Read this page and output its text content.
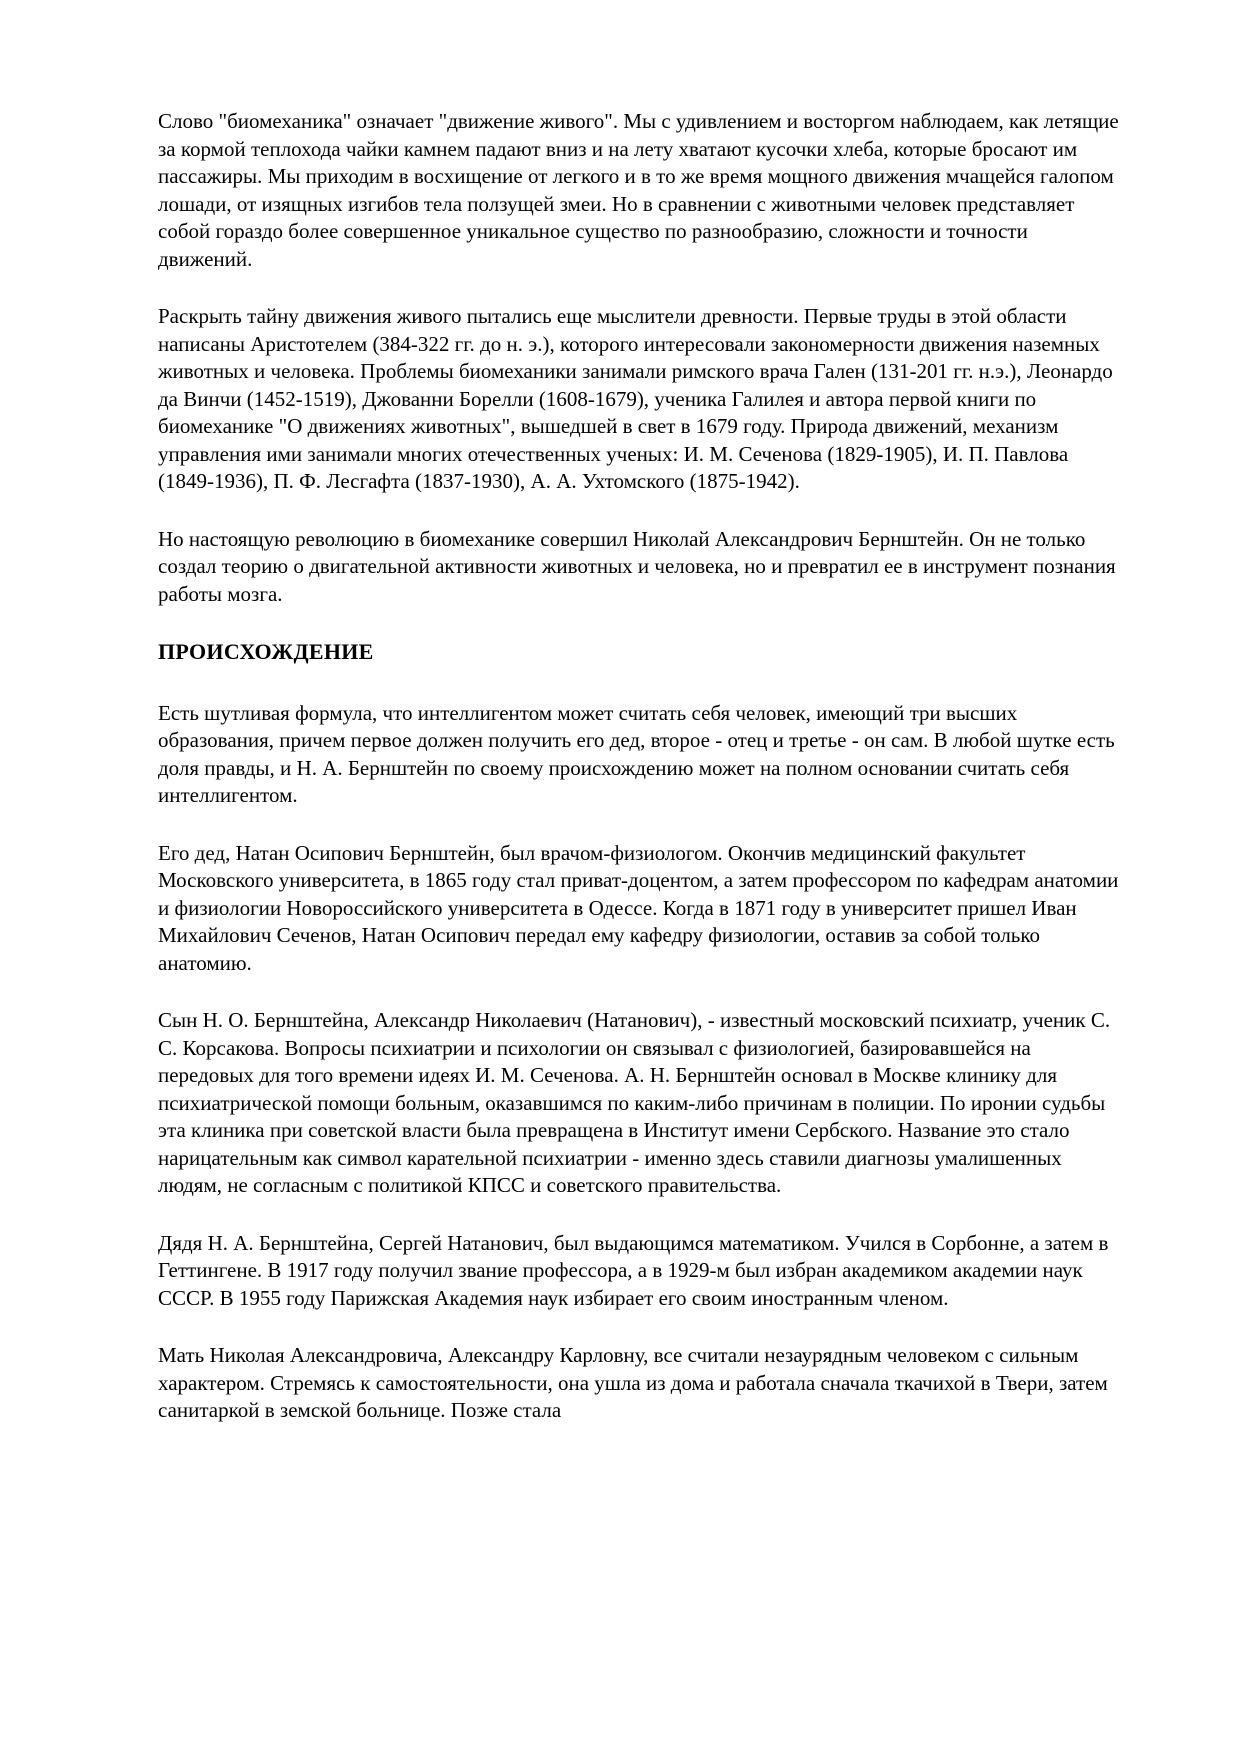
Слово "биомеханика" означает "движение живого". Мы с удивлением и восторгом наблюдаем, как летящие за кормой теплохода чайки камнем падают вниз и на лету хватают кусочки хлеба, которые бросают им пассажиры. Мы приходим в восхищение от легкого и в то же время мощного движения мчащейся галопом лошади, от изящных изгибов тела ползущей змеи. Но в сравнении с животными человек представляет собой гораздо более совершенное уникальное существо по разнообразию, сложности и точности движений.

Раскрыть тайну движения живого пытались еще мыслители древности. Первые труды в этой области написаны Аристотелем (384-322 гг. до н. э.), которого интересовали закономерности движения наземных животных и человека. Проблемы биомеханики занимали римского врача Гален (131-201 гг. н.э.), Леонардо да Винчи (1452-1519), Джованни Борелли (1608-1679), ученика Галилея и автора первой книги по биомеханике "О движениях животных", вышедшей в свет в 1679 году. Природа движений, механизм управления ими занимали многих отечественных ученых: И. М. Сеченова (1829-1905), И. П. Павлова (1849-1936), П. Ф. Лесгафта (1837-1930), А. А. Ухтомского (1875-1942).

Но настоящую революцию в биомеханике совершил Николай Александрович Бернштейн. Он не только создал теорию о двигательной активности животных и человека, но и превратил ее в инструмент познания работы мозга.

ПРОИСХОЖДЕНИЕ

Есть шутливая формула, что интеллигентом может считать себя человек, имеющий три высших образования, причем первое должен получить его дед, второе - отец и третье - он сам. В любой шутке есть доля правды, и Н. А. Бернштейн по своему происхождению может на полном основании считать себя интеллигентом.

Его дед, Натан Осипович Бернштейн, был врачом-физиологом. Окончив медицинский факультет Московского университета, в 1865 году стал приват-доцентом, а затем профессором по кафедрам анатомии и физиологии Новороссийского университета в Одессе. Когда в 1871 году в университет пришел Иван Михайлович Сеченов, Натан Осипович передал ему кафедру физиологии, оставив за собой только анатомию.

Сын Н. О. Бернштейна, Александр Николаевич (Натанович), - известный московский психиатр, ученик С. С. Корсакова. Вопросы психиатрии и психологии он связывал с физиологией, базировавшейся на передовых для того времени идеях И. М. Сеченова. А. Н. Бернштейн основал в Москве клинику для психиатрической помощи больным, оказавшимся по каким-либо причинам в полиции. По иронии судьбы эта клиника при советской власти была превращена в Институт имени Сербского. Название это стало нарицательным как символ карательной психиатрии - именно здесь ставили диагнозы умалишенных людям, не согласным с политикой КПСС и советского правительства.

Дядя Н. А. Бернштейна, Сергей Натанович, был выдающимся математиком. Учился в Сорбонне, а затем в Геттингене. В 1917 году получил звание профессора, а в 1929-м был избран академиком академии наук СССР. В 1955 году Парижская Академия наук избирает его своим иностранным членом.

Мать Николая Александровича, Александру Карловну, все считали незаурядным человеком с сильным характером. Стремясь к самостоятельности, она ушла из дома и работала сначала ткачихой в Твери, затем санитаркой в земской больнице. Позже стала
